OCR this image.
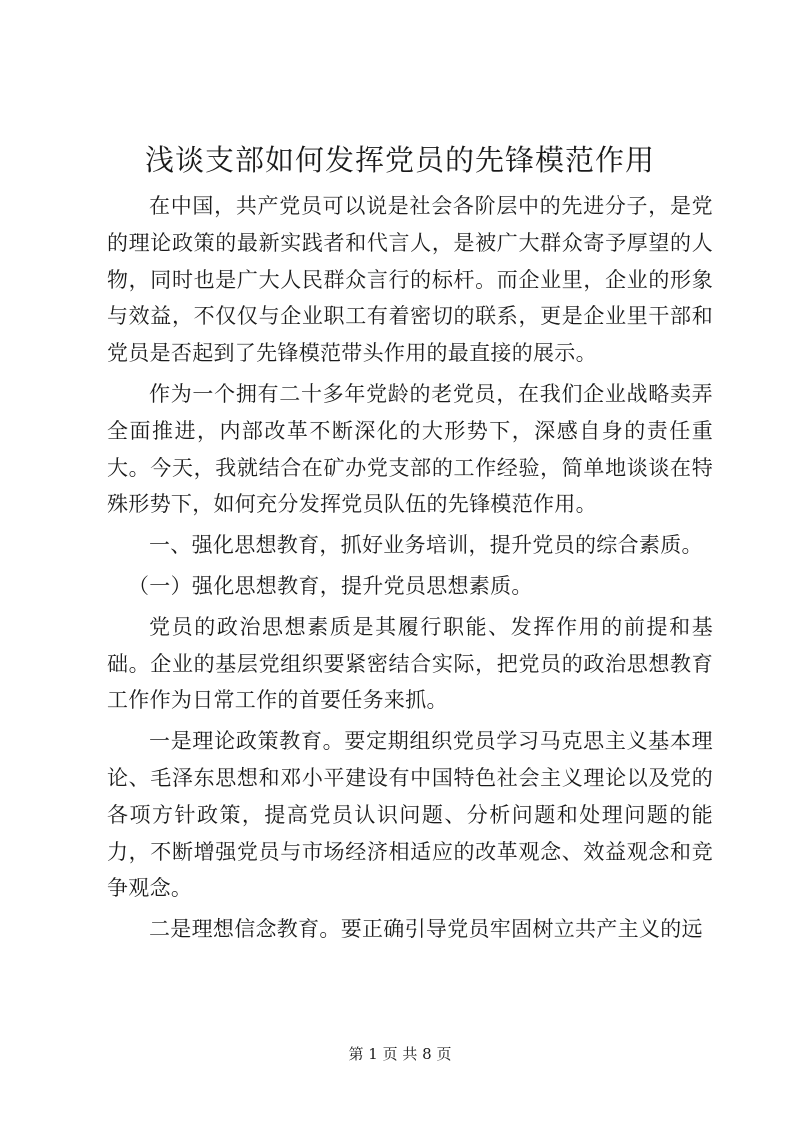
浅谈支部如何发挥党员的先锋模范作用

在中国，共产党员可以说是社会各阶层中的先进分子，是党的理论政策的最新实践者和代言人，是被广大群众寄予厚望的人物，同时也是广大人民群众言行的标杆。而企业里，企业的形象与效益，不仅仅与企业职工有着密切的联系，更是企业里干部和党员是否起到了先锋模范带头作用的最直接的展示。

作为一个拥有二十多年党龄的老党员，在我们企业战略卖弄全面推进，内部改革不断深化的大形势下，深感自身的责任重大。今天，我就结合在矿办党支部的工作经验，简单地谈谈在特殊形势下，如何充分发挥党员队伍的先锋模范作用。

一、强化思想教育，抓好业务培训，提升党员的综合素质。

（一）强化思想教育，提升党员思想素质。

党员的政治思想素质是其履行职能、发挥作用的前提和基础。企业的基层党组织要紧密结合实际，把党员的政治思想教育工作作为日常工作的首要任务来抓。

一是理论政策教育。要定期组织党员学习马克思主义基本理论、毛泽东思想和邓小平建设有中国特色社会主义理论以及党的各项方针政策，提高党员认识问题、分析问题和处理问题的能力，不断增强党员与市场经济相适应的改革观念、效益观念和竞争观念。

二是理想信念教育。要正确引导党员牢固树立共产主义的远

第 1 页 共 8 页
